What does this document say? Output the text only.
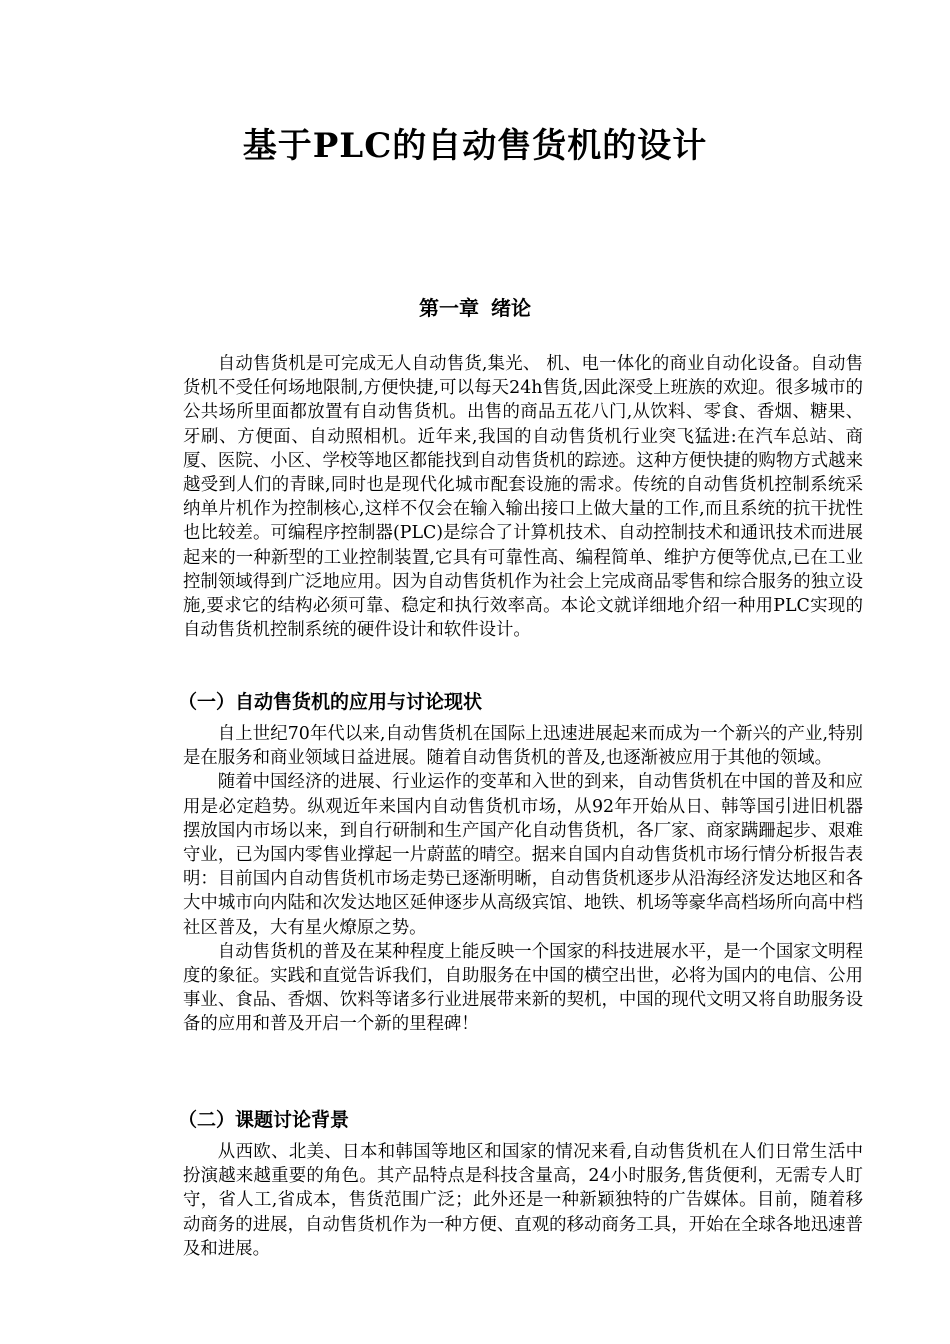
基于PLC的自动售货机的设计
第一章 绪论

自动售货机是可完成无人自动售货,集光、 机、电一体化的商业自动化设备。自动售货机不受任何场地限制,方便快捷,可以每天24h售货,因此深受上班族的欢迎。很多城市的公共场所里面都放置有自动售货机。出售的商品五花八门,从饮料、零食、香烟、糖果、牙刷、方便面、自动照相机。近年来,我国的自动售货机行业突飞猛进:在汽车总站、商厦、医院、小区、学校等地区都能找到自动售货机的踪迹。这种方便快捷的购物方式越来越受到人们的青睐,同时也是现代化城市配套设施的需求。传统的自动售货机控制系统采纳单片机作为控制核心,这样不仅会在输入输出接口上做大量的工作,而且系统的抗干扰性也比较差。可编程序控制器(PLC)是综合了计算机技术、自动控制技术和通讯技术而进展起来的一种新型的工业控制装置,它具有可靠性高、编程简单、维护方便等优点,已在工业控制领域得到广泛地应用。因为自动售货机作为社会上完成商品零售和综合服务的独立设施,要求它的结构必须可靠、稳定和执行效率高。本论文就详细地介绍一种用PLC实现的自动售货机控制系统的硬件设计和软件设计。

（一）自动售货机的应用与讨论现状

自上世纪70年代以来,自动售货机在国际上迅速进展起来而成为一个新兴的产业,特别是在服务和商业领域日益进展。随着自动售货机的普及,也逐渐被应用于其他的领域。

随着中国经济的进展、行业运作的变革和入世的到来，自动售货机在中国的普及和应用是必定趋势。纵观近年来国内自动售货机市场，从92年开始从日、韩等国引进旧机器摆放国内市场以来，到自行研制和生产国产化自动售货机，各厂家、商家蹒跚起步、艰难守业，已为国内零售业撑起一片蔚蓝的晴空。据来自国内自动售货机市场行情分析报告表明：目前国内自动售货机市场走势已逐渐明晰，自动售货机逐步从沿海经济发达地区和各大中城市向内陆和次发达地区延伸逐步从高级宾馆、地铁、机场等豪华高档场所向高中档社区普及，大有星火燎原之势。

自动售货机的普及在某种程度上能反映一个国家的科技进展水平，是一个国家文明程度的象征。实践和直觉告诉我们，自助服务在中国的横空出世，必将为国内的电信、公用事业、食品、香烟、饮料等诸多行业进展带来新的契机，中国的现代文明又将自助服务设备的应用和普及开启一个新的里程碑！

（二）课题讨论背景

从西欧、北美、日本和韩国等地区和国家的情况来看,自动售货机在人们日常生活中扮演越来越重要的角色。其产品特点是科技含量高，24小时服务,售货便利，无需专人盯守，省人工,省成本，售货范围广泛；此外还是一种新颖独特的广告媒体。目前，随着移动商务的进展，自动售货机作为一种方便、直观的移动商务工具，开始在全球各地迅速普及和进展。
